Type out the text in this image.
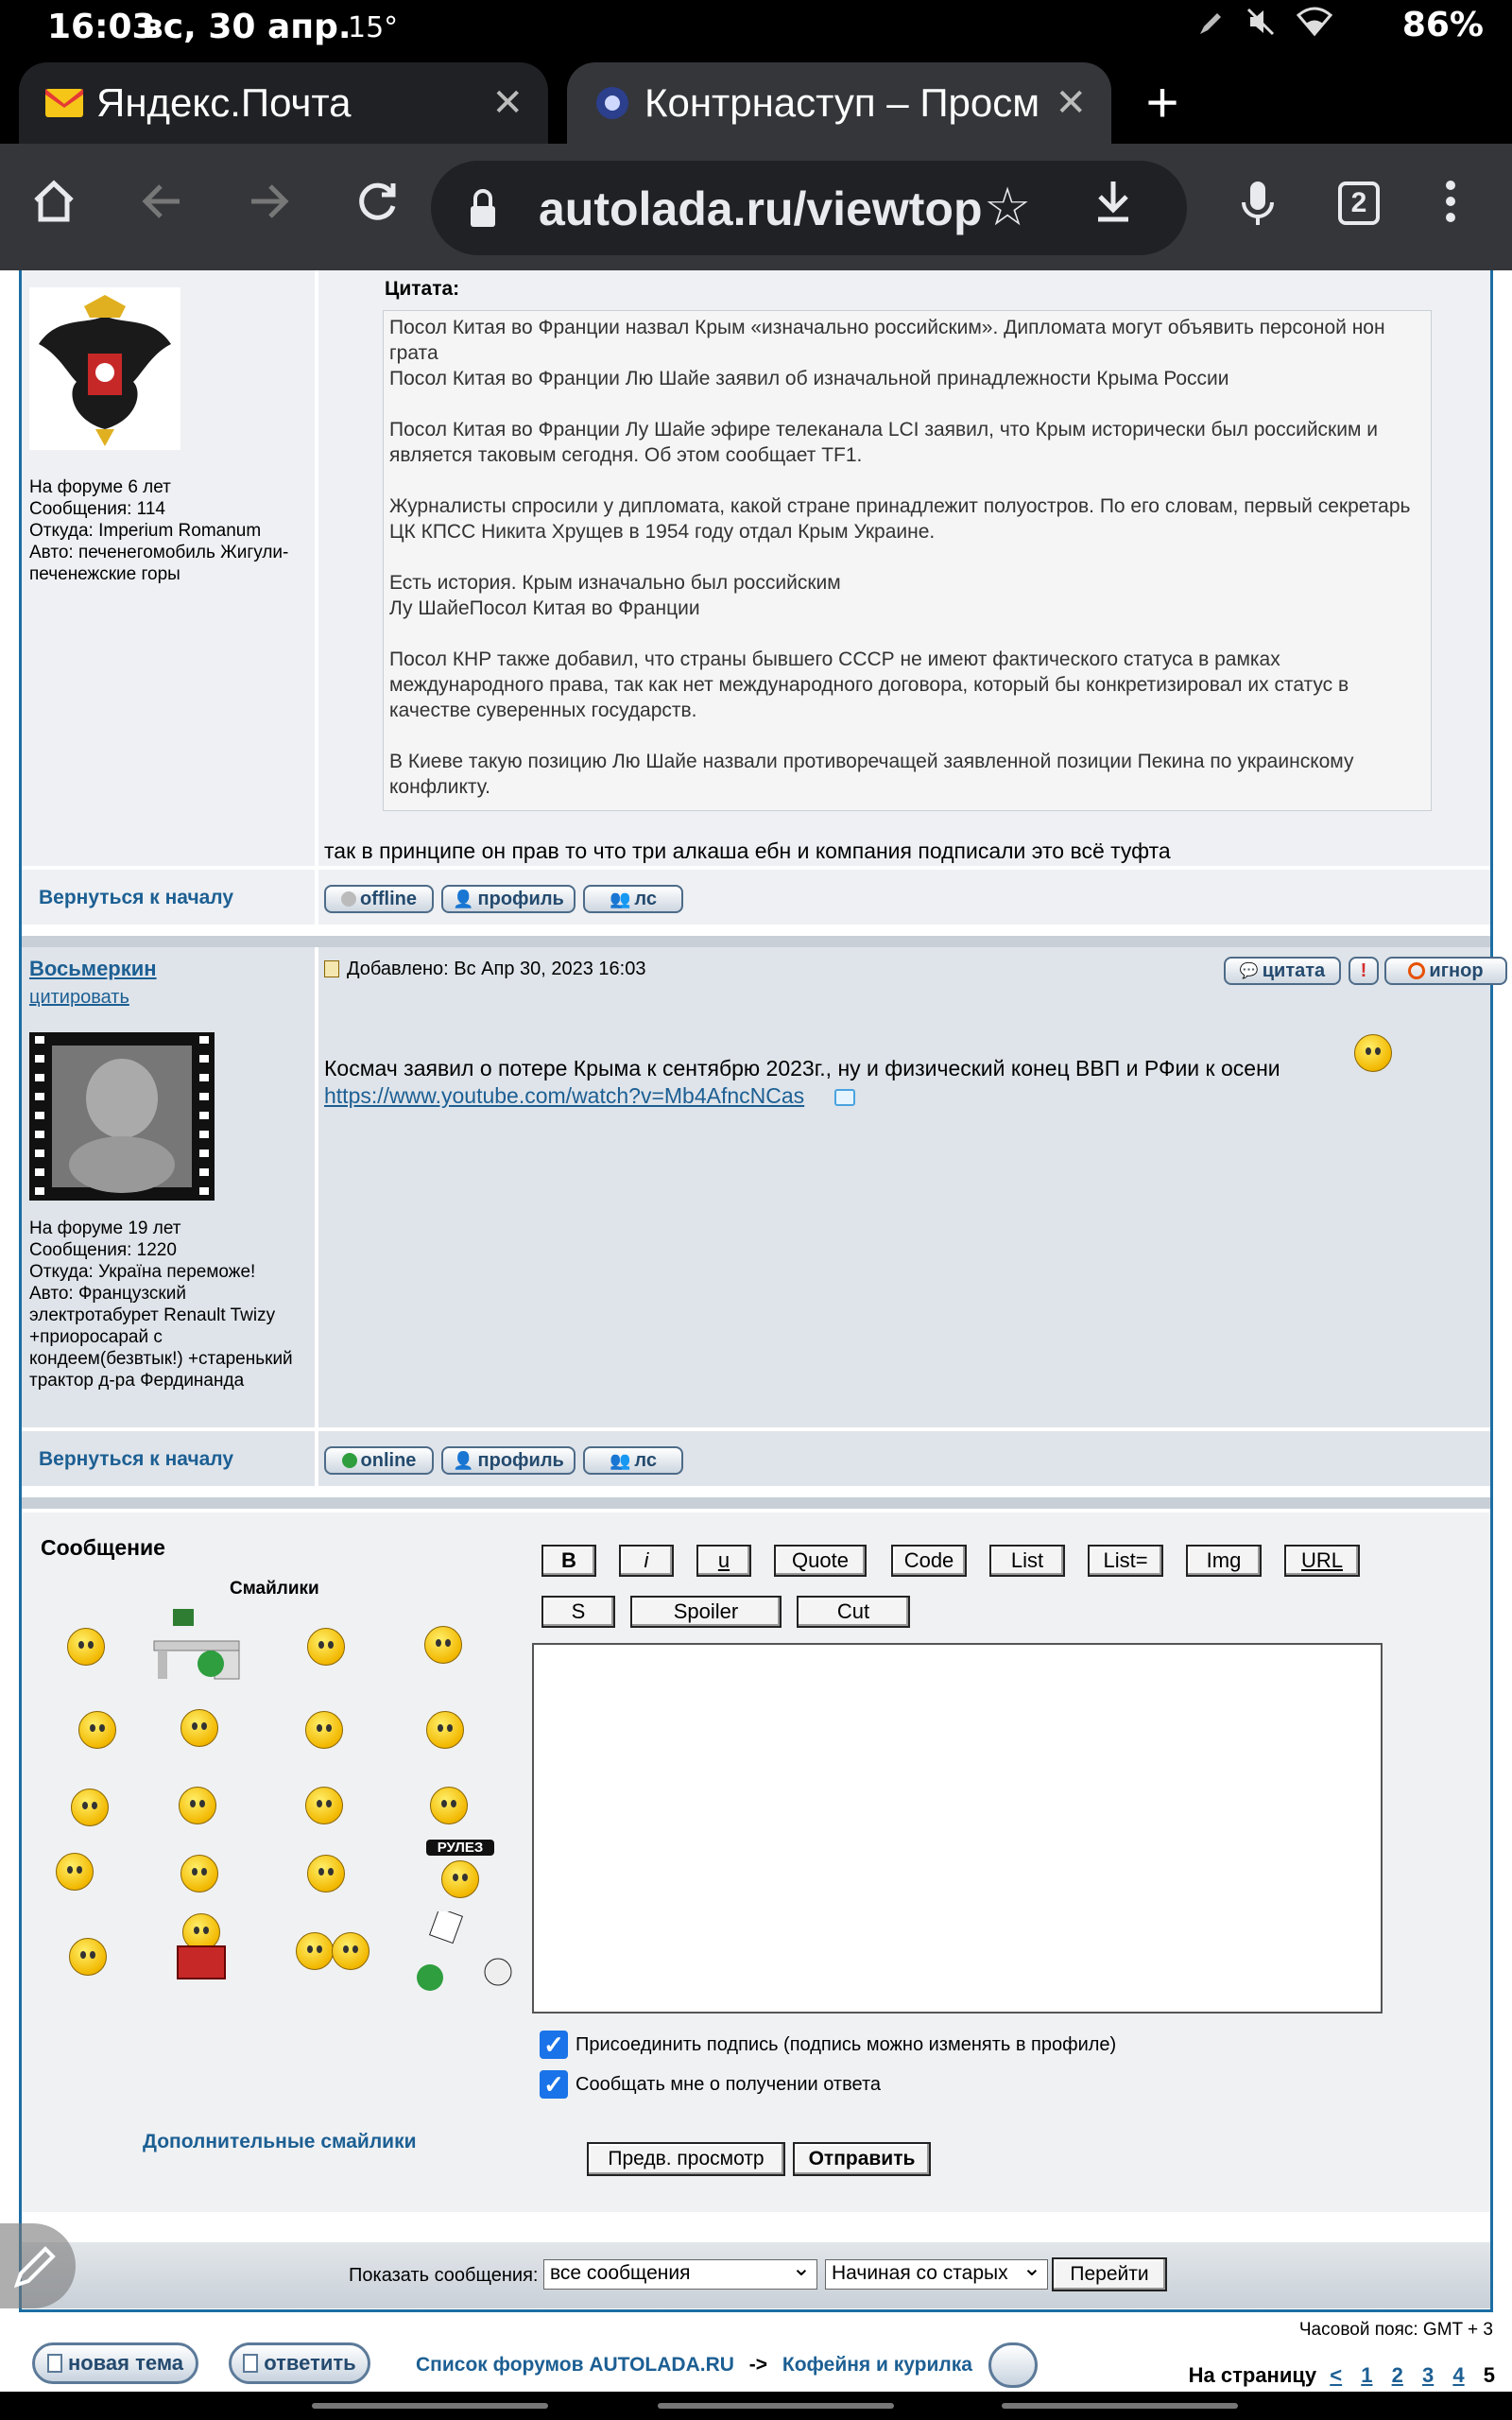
16:03
вс, 30 апр.
15°
	86%
Яндекс.Почта	✕	Контрнаступ – Просм ✕ +
autolada.ru/viewtop ☆	2
На форуме 6 лет
Сообщения: 114
Откуда: Imperium Romanum
Авто: печенегомобиль Жигули-печенежские горы
Цитата:

Посол Китая во Франции назвал Крым «изначально российским». Дипломата могут объявить персоной нон грата
Посол Китая во Франции Лю Шайе заявил об изначальной принадлежности Крыма России

Посол Китая во Франции Лу Шайе эфире телеканала LCI заявил, что Крым исторически был российским и является таковым сегодня. Об этом сообщает TF1.

Журналисты спросили у дипломата, какой стране принадлежит полуостров. По его словам, первый секретарь ЦК КПСС Никита Хрущев в 1954 году отдал Крым Украине.

Есть история. Крым изначально был российским
Лу ШайеПосол Китая во Франции

Посол КНР также добавил, что страны бывшего СССР не имеют фактического статуса в рамках международного права, так как нет международного договора, который бы конкретизировал их статус в качестве суверенных государств.

В Киеве такую позицию Лю Шайе назвали противоречащей заявленной позиции Пекина по украинскому конфликту.

так в принципе он прав то что три алкаша ебн и компания подписали это всё туфта
Вернуться к началу	offline 👤 профиль	👥 лс
Восьмеркин
цитировать
На форуме 19 лет
Сообщения: 1220
Откуда: Україна переможе!
Авто: Французский электротабурет Renault Twizy +приоросарай с кондеем(безвтык!) +старенький трактор д-ра Фердинанда
Добавлено: Вс Апр 30, 2023 16:03	💬 цитата	!	игнор
Космач заявил о потере Крыма к сентябрю 2023г., ну и физический конец ВВП и РФии к осени
https://www.youtube.com/watch?v=Mb4AfncNCas
Вернуться к началу	online 👤 профиль	👥 лс
Сообщение
Смайлики
РУЛЕЗ
Дополнительные смайлики
B	i	u	Quote	Code	List	List=	Img	URL
S	Spoiler	Cut
✓ Присоединить подпись (подпись можно изменять в профиле)
✓ Сообщать мне о получении ответа
Предв. просмотр	Отправить
Показать сообщения: все сообщения ⌄	Начиная со старых ⌄	Перейти
Часовой пояс: GMT + 3
новая тема	ответить	Список форумов AUTOLADA.RU -> Кофейня и курилка	На страницу < 1 2 3 4 5
